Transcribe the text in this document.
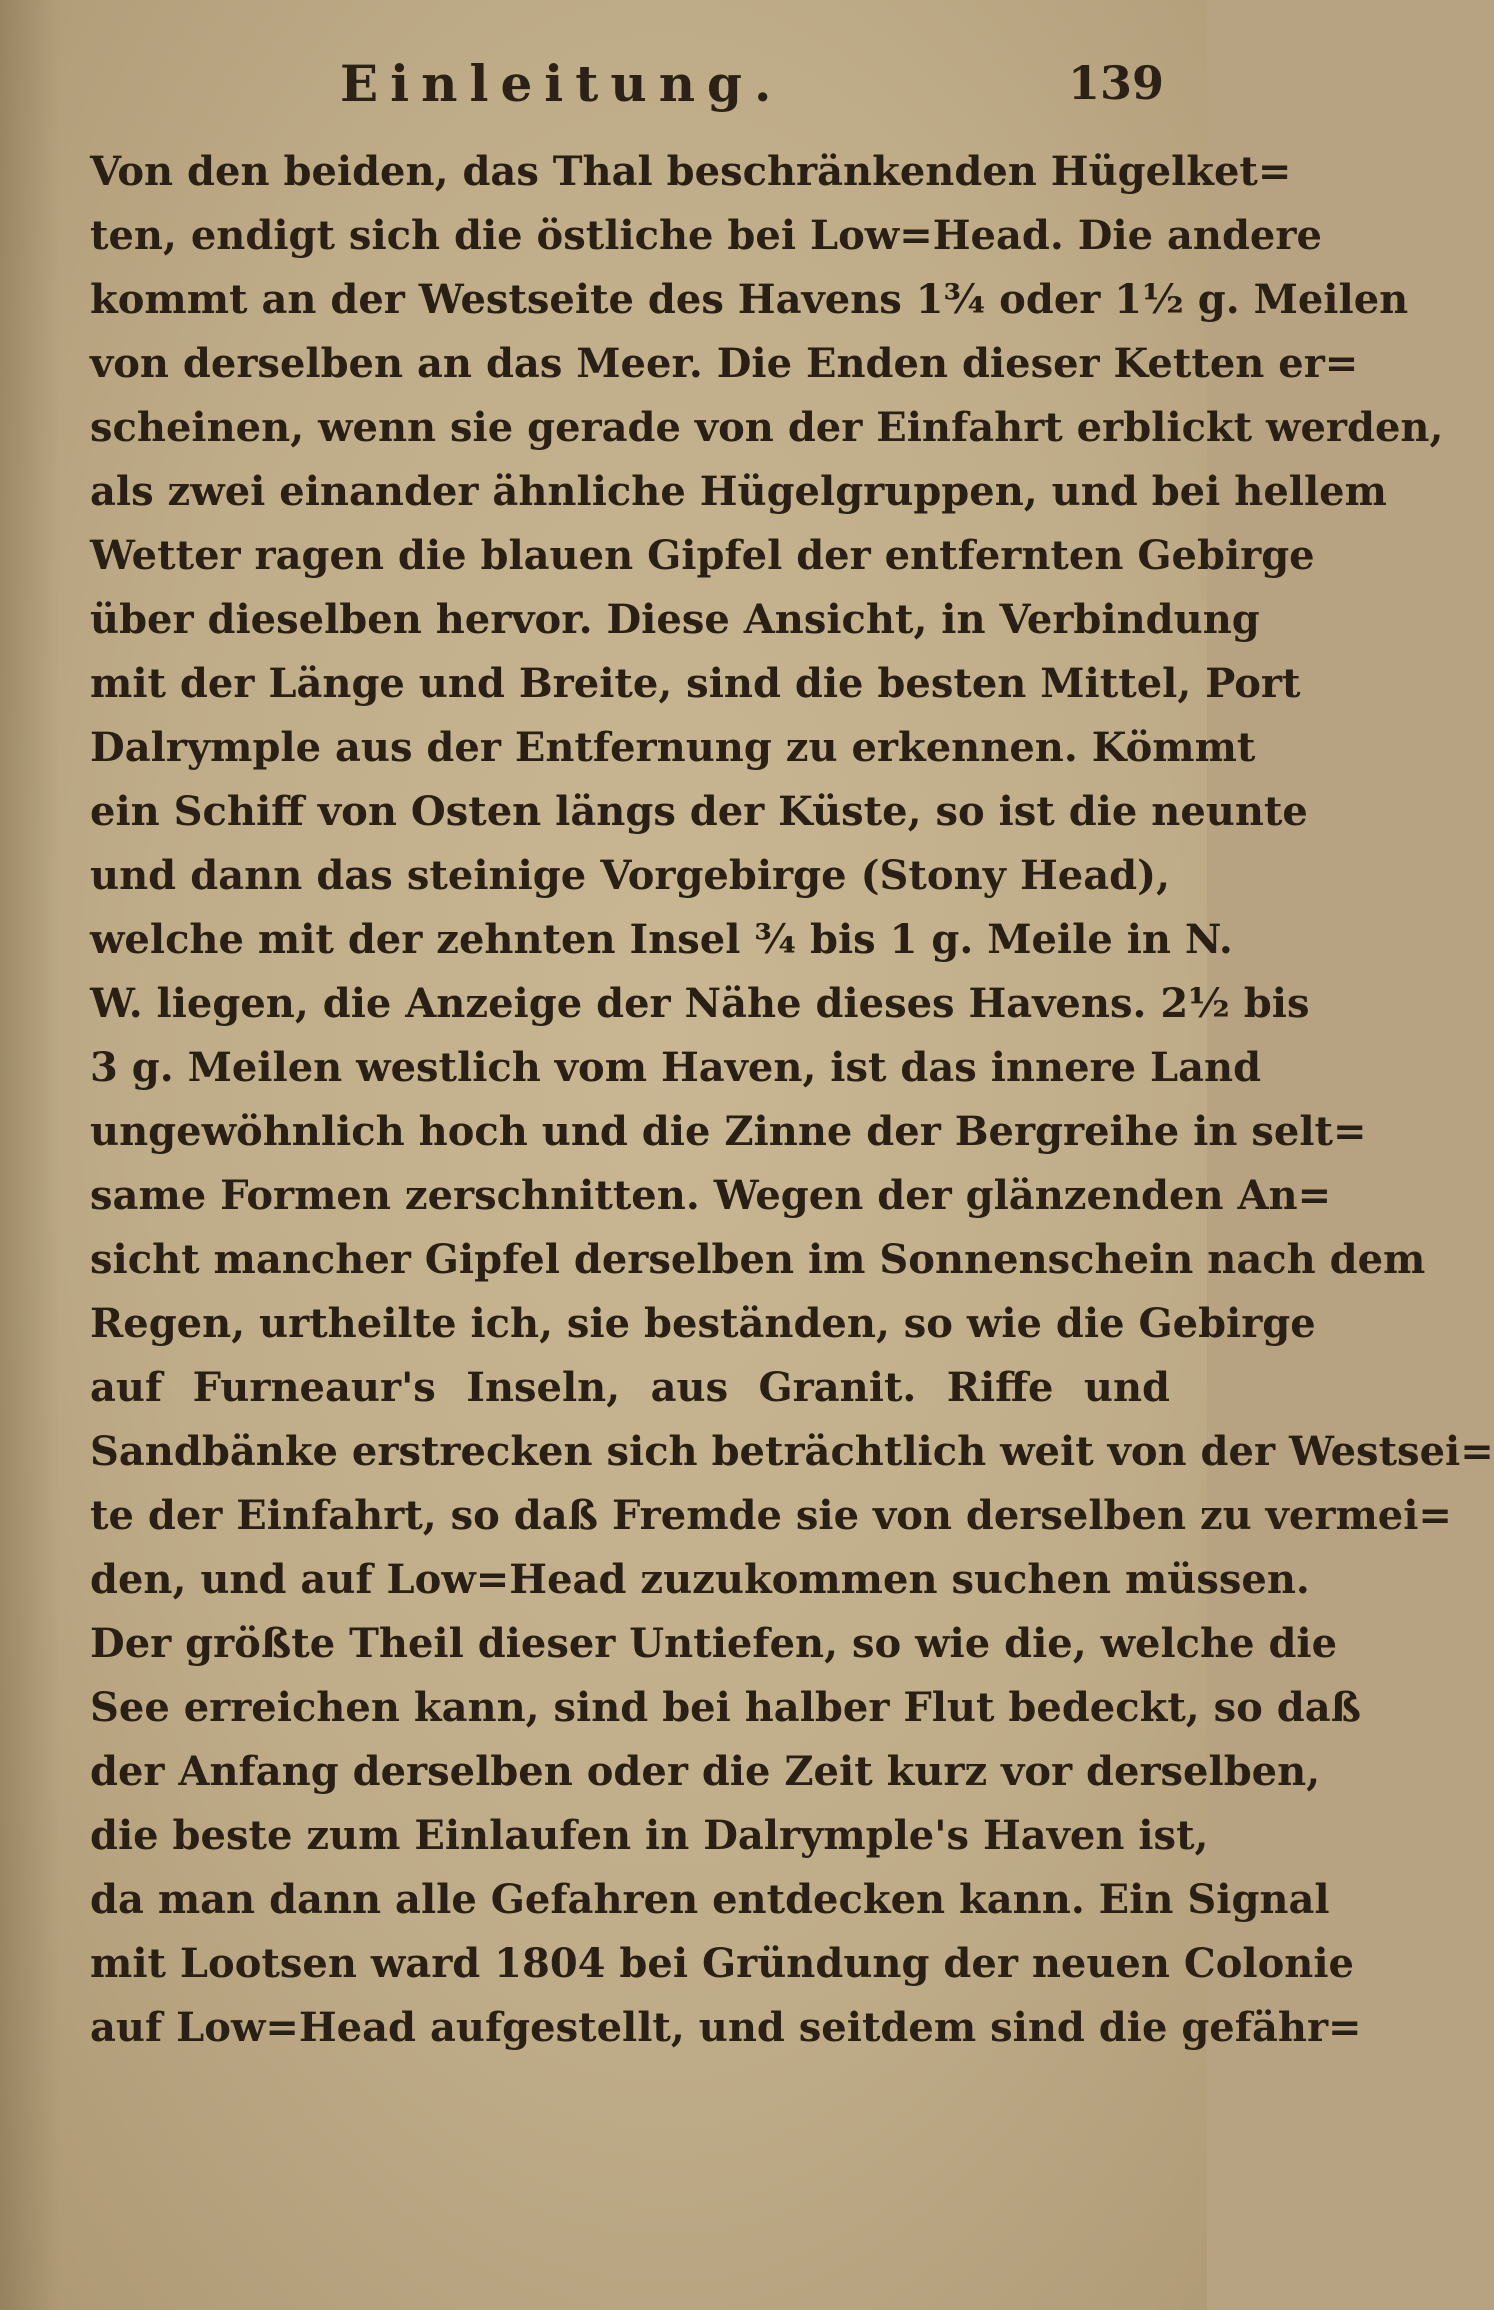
Einleitung.	139
Von den beiden, das Thal beschränkenden Hügelket=
ten, endigt sich die östliche bei Low=Head. Die andere
kommt an der Westseite des Havens 1¾ oder 1½ g. Meilen
von derselben an das Meer. Die Enden dieser Ketten er=
scheinen, wenn sie gerade von der Einfahrt erblickt werden,
als zwei einander ähnliche Hügelgruppen, und bei hellem
Wetter ragen die blauen Gipfel der entfernten Gebirge
über dieselben hervor. Diese Ansicht, in Verbindung
mit der Länge und Breite, sind die besten Mittel, Port
Dalrymple aus der Entfernung zu erkennen. Kömmt
ein Schiff von Osten längs der Küste, so ist die neunte
und dann das steinige Vorgebirge (Stony Head),
welche mit der zehnten Insel ¾ bis 1 g. Meile in N.
W. liegen, die Anzeige der Nähe dieses Havens. 2½ bis
3 g. Meilen westlich vom Haven, ist das innere Land
ungewöhnlich hoch und die Zinne der Bergreihe in selt=
same Formen zerschnitten. Wegen der glänzenden An=
sicht mancher Gipfel derselben im Sonnenschein nach dem
Regen, urtheilte ich, sie beständen, so wie die Gebirge
auf Furneaur's Inseln, aus Granit. Riffe und
Sandbänke erstrecken sich beträchtlich weit von der Westsei=
te der Einfahrt, so daß Fremde sie von derselben zu vermei=
den, und auf Low=Head zuzukommen suchen müssen.
Der größte Theil dieser Untiefen, so wie die, welche die
See erreichen kann, sind bei halber Flut bedeckt, so daß
der Anfang derselben oder die Zeit kurz vor derselben,
die beste zum Einlaufen in Dalrymple's Haven ist,
da man dann alle Gefahren entdecken kann. Ein Signal
mit Lootsen ward 1804 bei Gründung der neuen Colonie
auf Low=Head aufgestellt, und seitdem sind die gefähr=
